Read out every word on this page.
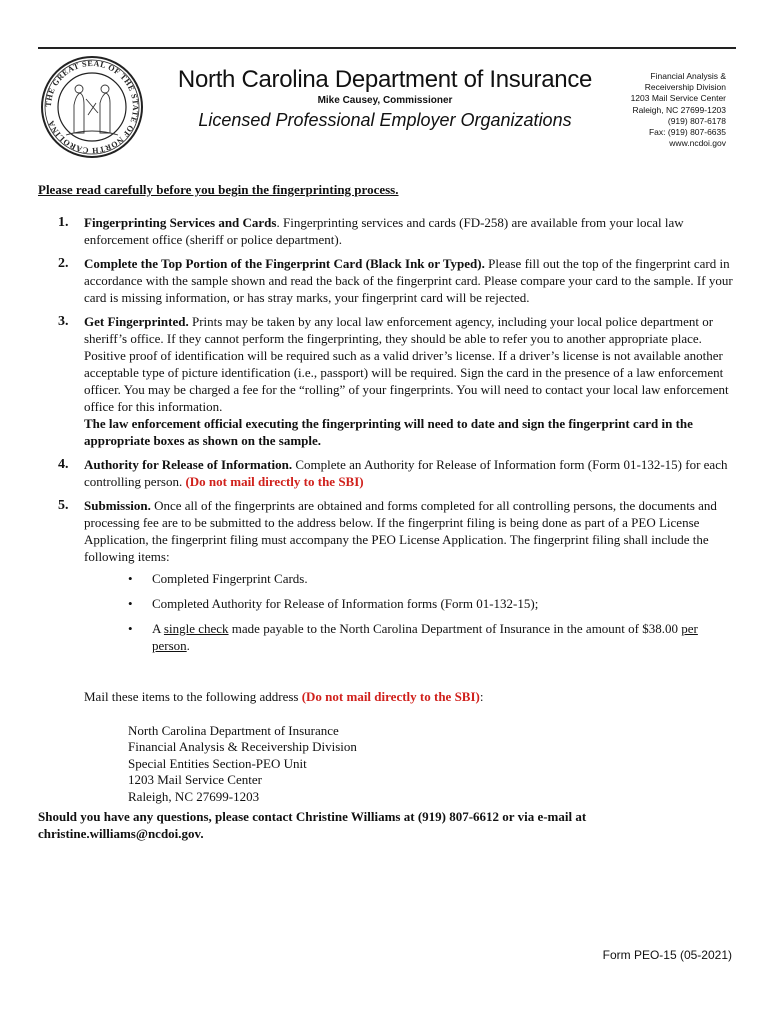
THE GREAT SEAL OF THE STATE OF NORTH CAROLINA
North Carolina Department of Insurance
Mike Causey, Commissioner
Licensed Professional Employer Organizations
Financial Analysis &
Receivership Division
1203 Mail Service Center
Raleigh, NC 27699-1203
(919) 807-6178
Fax: (919) 807-6635
www.ncdoi.gov
Please read carefully before you begin the fingerprinting process.
1. Fingerprinting Services and Cards. Fingerprinting services and cards (FD-258) are available from your local law enforcement office (sheriff or police department).
2. Complete the Top Portion of the Fingerprint Card (Black Ink or Typed). Please fill out the top of the fingerprint card in accordance with the sample shown and read the back of the fingerprint card. Please compare your card to the sample. If your card is missing information, or has stray marks, your fingerprint card will be rejected.
3. Get Fingerprinted. Prints may be taken by any local law enforcement agency, including your local police department or sheriff’s office. If they cannot perform the fingerprinting, they should be able to refer you to another appropriate place. Positive proof of identification will be required such as a valid driver’s license. If a driver’s license is not available another acceptable type of picture identification (i.e., passport) will be required. Sign the card in the presence of a law enforcement officer. You may be charged a fee for the “rolling” of your fingerprints. You will need to contact your local law enforcement office for this information.
The law enforcement official executing the fingerprinting will need to date and sign the fingerprint card in the appropriate boxes as shown on the sample.
4. Authority for Release of Information. Complete an Authority for Release of Information form (Form 01-132-15) for each controlling person. (Do not mail directly to the SBI)
5. Submission. Once all of the fingerprints are obtained and forms completed for all controlling persons, the documents and processing fee are to be submitted to the address below. If the fingerprint filing is being done as part of a PEO License Application, the fingerprint filing must accompany the PEO License Application. The fingerprint filing shall include the following items:
• Completed Fingerprint Cards.
• Completed Authority for Release of Information forms (Form 01-132-15);
• A single check made payable to the North Carolina Department of Insurance in the amount of $38.00 per person.
Mail these items to the following address (Do not mail directly to the SBI):
North Carolina Department of Insurance
Financial Analysis & Receivership Division
Special Entities Section-PEO Unit
1203 Mail Service Center
Raleigh, NC 27699-1203
Should you have any questions, please contact Christine Williams at (919) 807-6612 or via e-mail at christine.williams@ncdoi.gov.
Form PEO-15 (05-2021)
